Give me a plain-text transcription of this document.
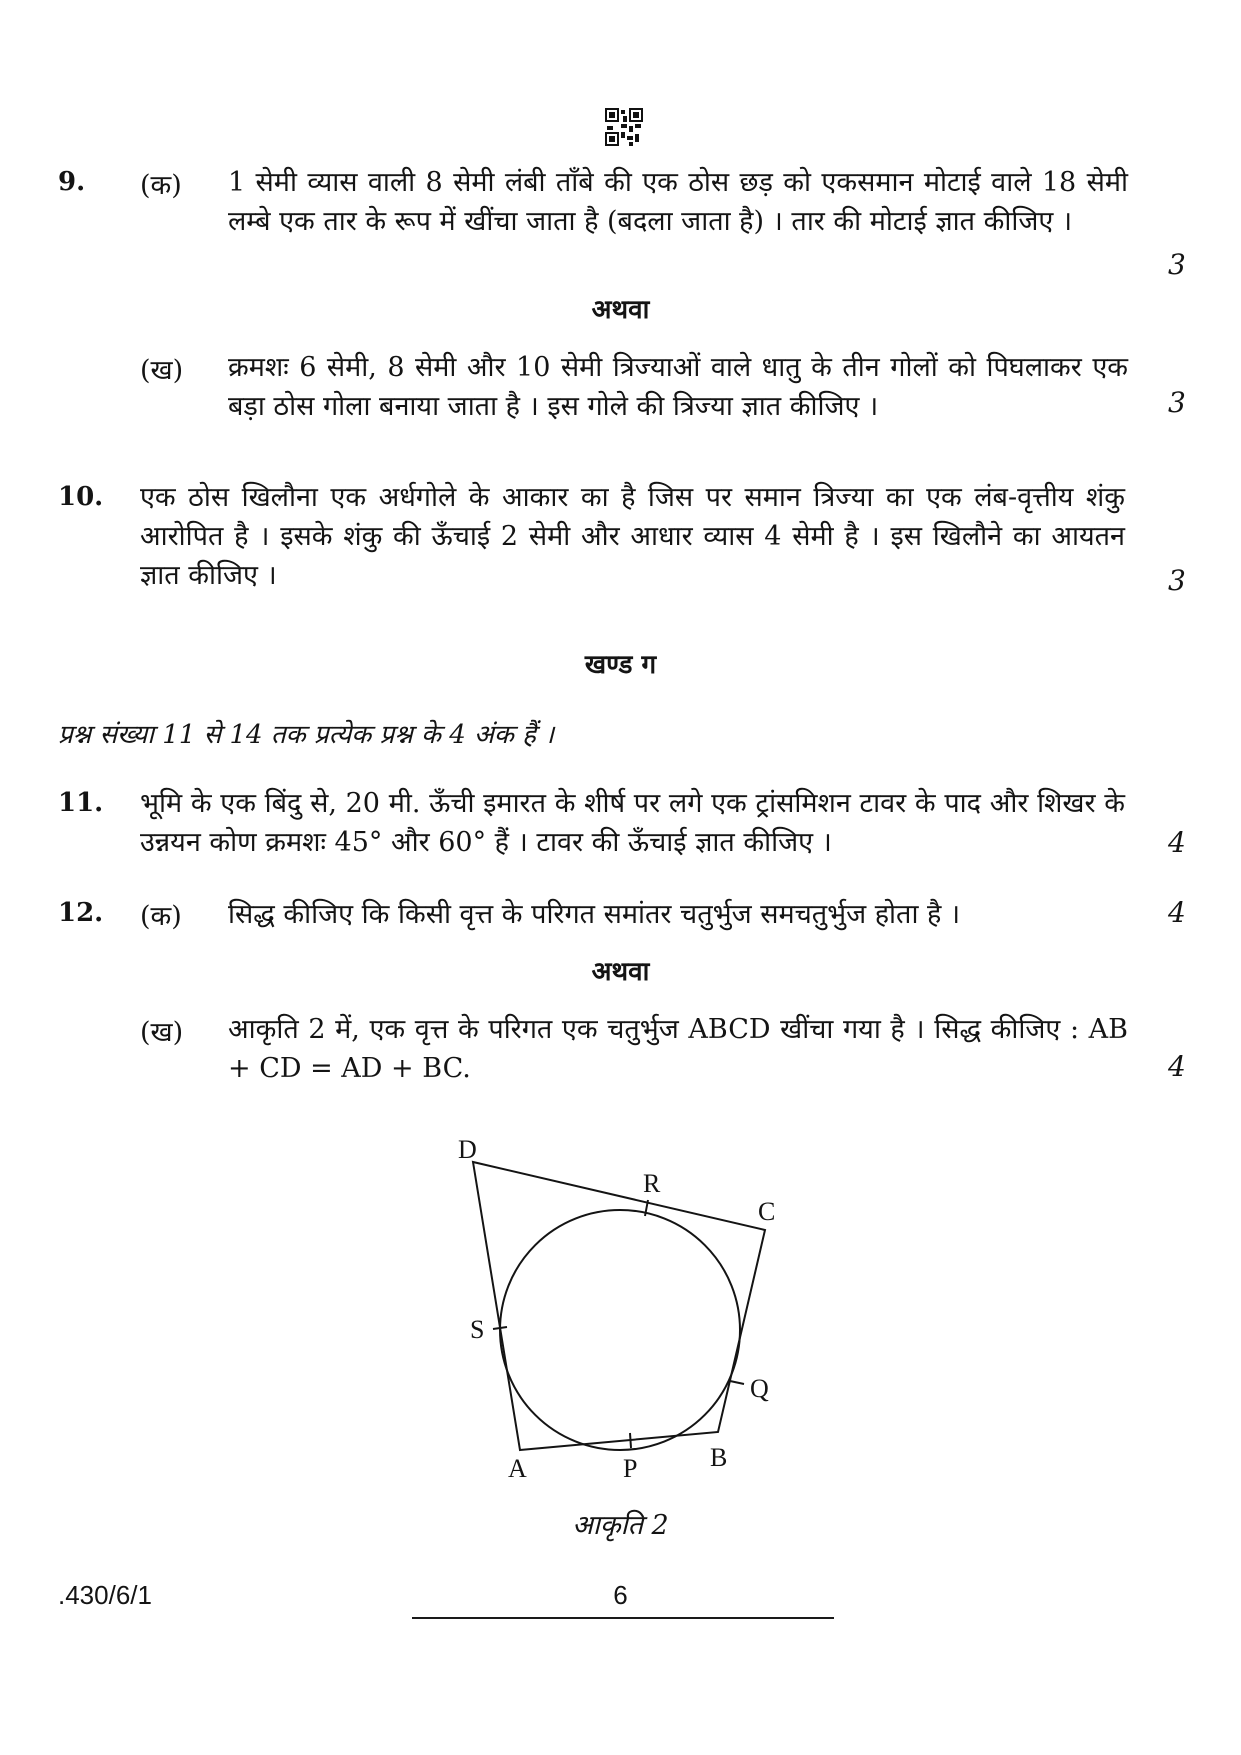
9. (क) 1 सेमी व्यास वाली 8 सेमी लंबी ताँबे की एक ठोस छड़ को एकसमान मोटाई वाले 18 सेमी लम्बे एक तार के रूप में खींचा जाता है (बदला जाता है) । तार की मोटाई ज्ञात कीजिए ।
3
अथवा
(ख) क्रमशः 6 सेमी, 8 सेमी और 10 सेमी त्रिज्याओं वाले धातु के तीन गोलों को पिघलाकर एक बड़ा ठोस गोला बनाया जाता है । इस गोले की त्रिज्या ज्ञात कीजिए ।	3
10. एक ठोस खिलौना एक अर्धगोले के आकार का है जिस पर समान त्रिज्या का एक लंब-वृत्तीय शंकु आरोपित है । इसके शंकु की ऊँचाई 2 सेमी और आधार व्यास 4 सेमी है । इस खिलौने का आयतन ज्ञात कीजिए ।	3
खण्ड ग
प्रश्न संख्या 11 से 14 तक प्रत्येक प्रश्न के 4 अंक हैं ।
11. भूमि के एक बिंदु से, 20 मी. ऊँची इमारत के शीर्ष पर लगे एक ट्रांसमिशन टावर के पाद और शिखर के उन्नयन कोण क्रमशः 45° और 60° हैं । टावर की ऊँचाई ज्ञात कीजिए ।	4
12. (क) सिद्ध कीजिए कि किसी वृत्त के परिगत समांतर चतुर्भुज समचतुर्भुज होता है ।	4
अथवा
(ख) आकृति 2 में, एक वृत्त के परिगत एक चतुर्भुज ABCD खींचा गया है । सिद्ध कीजिए : AB + CD = AD + BC.	4
A	B
C
D
P
Q
R
S
आकृति 2
.430/6/1	6
